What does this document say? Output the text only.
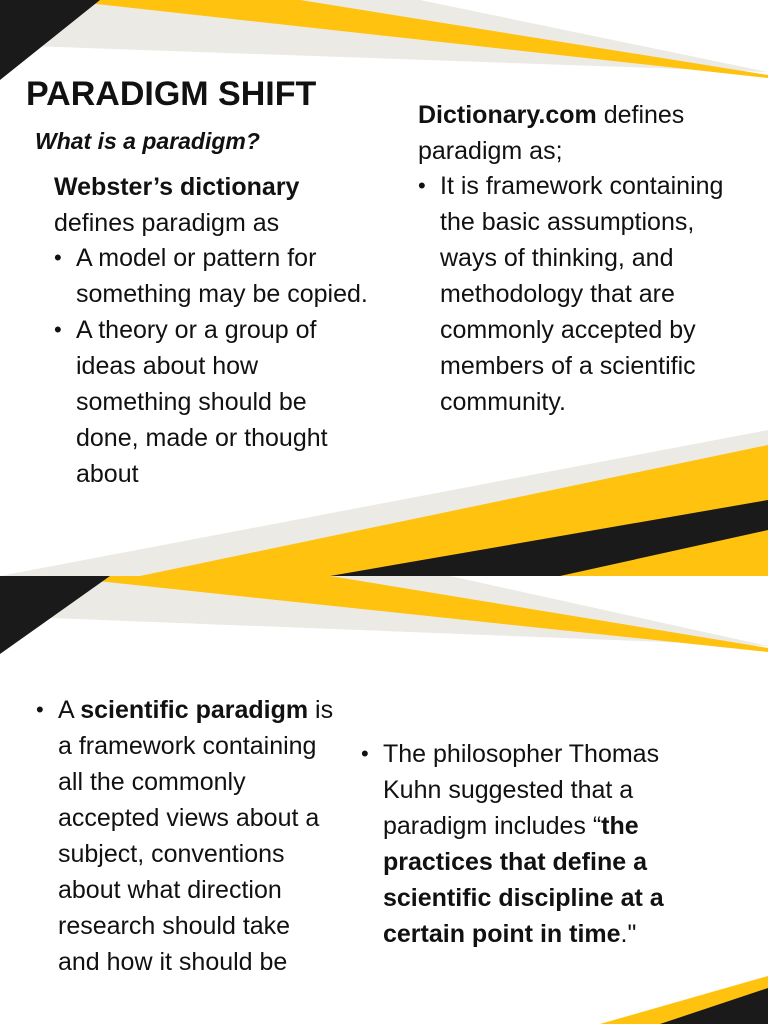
PARADIGM SHIFT
What is a paradigm?
Webster’s dictionary
defines paradigm as
• A model or pattern for something may be copied.
• A theory or a group of ideas about how something should be done, made or thought about
Dictionary.com defines paradigm as;
• It is framework containing the basic assumptions, ways of thinking, and methodology that are commonly accepted by members of a scientific community.
• A scientific paradigm is a framework containing all the commonly accepted views about a subject, conventions about what direction research should take and how it should be
• The philosopher Thomas Kuhn suggested that a paradigm includes “the practices that define a scientific discipline at a certain point in time."
